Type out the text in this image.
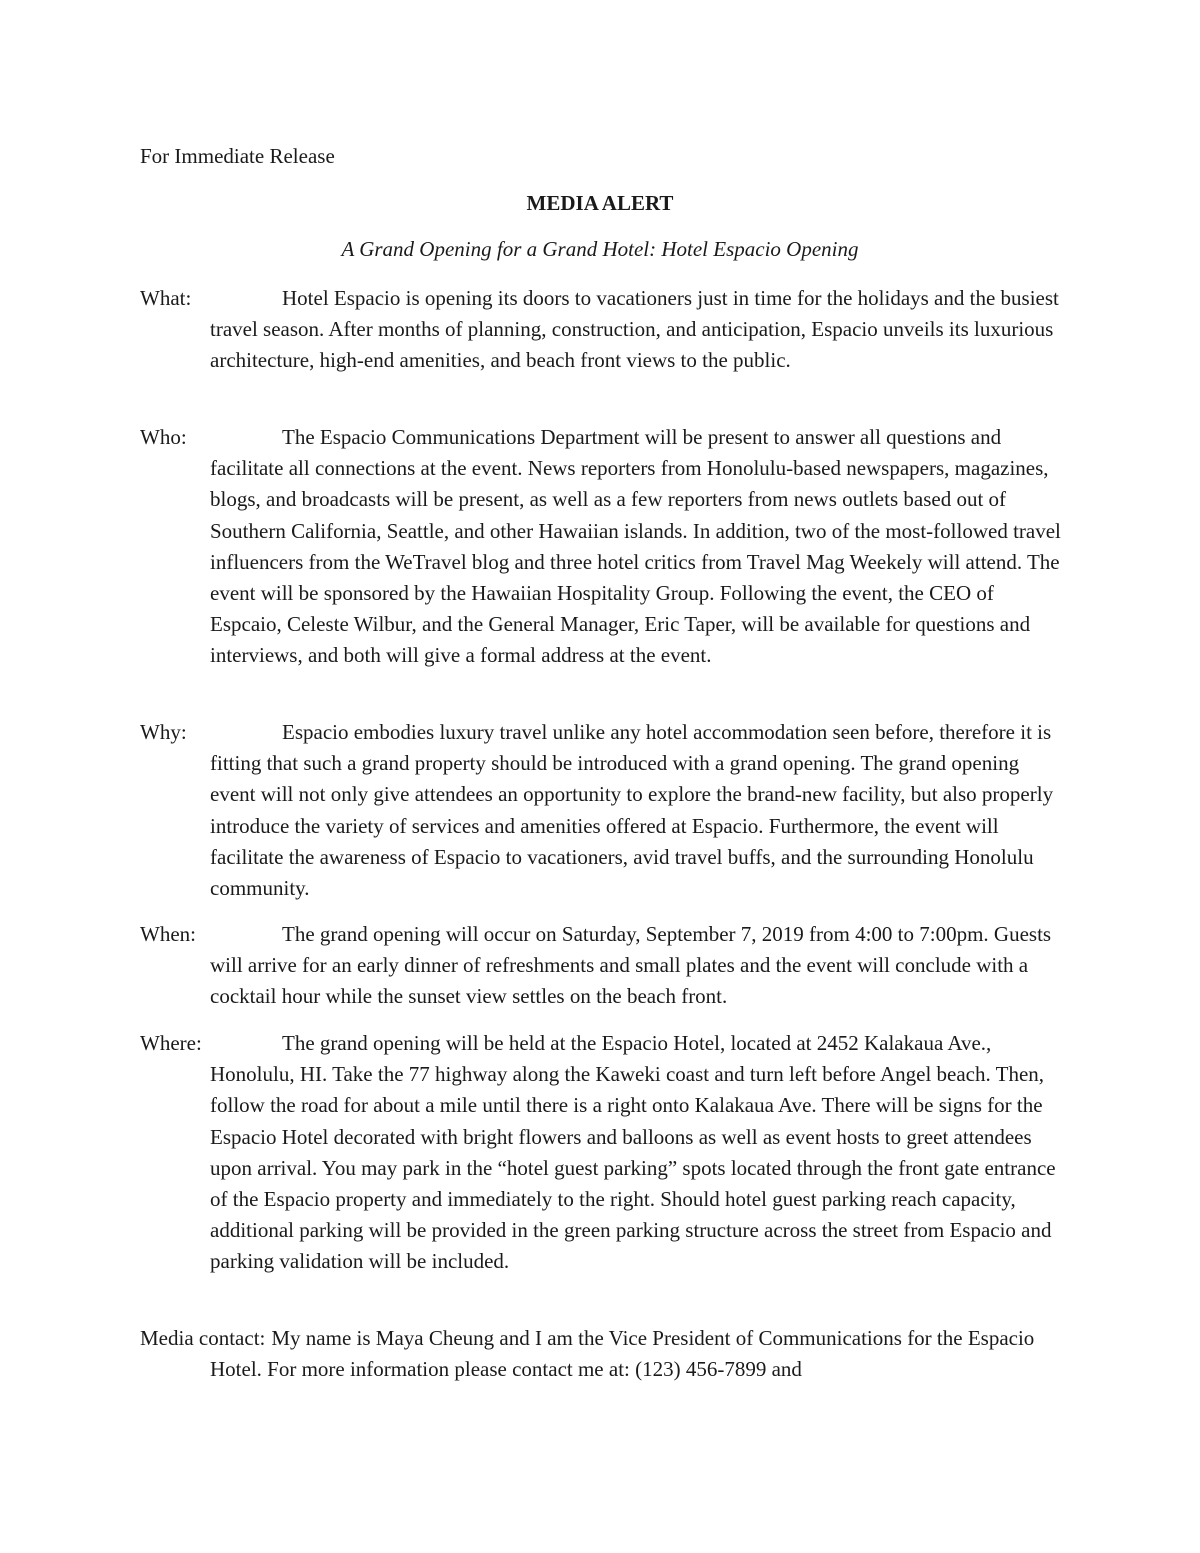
For Immediate Release

MEDIA ALERT

A Grand Opening for a Grand Hotel: Hotel Espacio Opening

What:	Hotel Espacio is opening its doors to vacationers just in time for the holidays and the busiest travel season. After months of planning, construction, and anticipation, Espacio unveils its luxurious architecture, high-end amenities, and beach front views to the public.

Who:	The Espacio Communications Department will be present to answer all questions and facilitate all connections at the event. News reporters from Honolulu-based newspapers, magazines, blogs, and broadcasts will be present, as well as a few reporters from news outlets based out of Southern California, Seattle, and other Hawaiian islands. In addition, two of the most-followed travel influencers from the WeTravel blog and three hotel critics from Travel Mag Weekely will attend. The event will be sponsored by the Hawaiian Hospitality Group. Following the event, the CEO of Espcaio, Celeste Wilbur, and the General Manager, Eric Taper, will be available for questions and interviews, and both will give a formal address at the event.

Why:	Espacio embodies luxury travel unlike any hotel accommodation seen before, therefore it is fitting that such a grand property should be introduced with a grand opening. The grand opening event will not only give attendees an opportunity to explore the brand-new facility, but also properly introduce the variety of services and amenities offered at Espacio. Furthermore, the event will facilitate the awareness of Espacio to vacationers, avid travel buffs, and the surrounding Honolulu community.

When:	The grand opening will occur on Saturday, September 7, 2019 from 4:00 to 7:00pm. Guests will arrive for an early dinner of refreshments and small plates and the event will conclude with a cocktail hour while the sunset view settles on the beach front.

Where:	The grand opening will be held at the Espacio Hotel, located at 2452 Kalakaua Ave., Honolulu, HI. Take the 77 highway along the Kaweki coast and turn left before Angel beach. Then, follow the road for about a mile until there is a right onto Kalakaua Ave. There will be signs for the Espacio Hotel decorated with bright flowers and balloons as well as event hosts to greet attendees upon arrival. You may park in the “hotel guest parking” spots located through the front gate entrance of the Espacio property and immediately to the right. Should hotel guest parking reach capacity, additional parking will be provided in the green parking structure across the street from Espacio and parking validation will be included.

Media contact: My name is Maya Cheung and I am the Vice President of Communications for the Espacio Hotel. For more information please contact me at: (123) 456-7899 and
